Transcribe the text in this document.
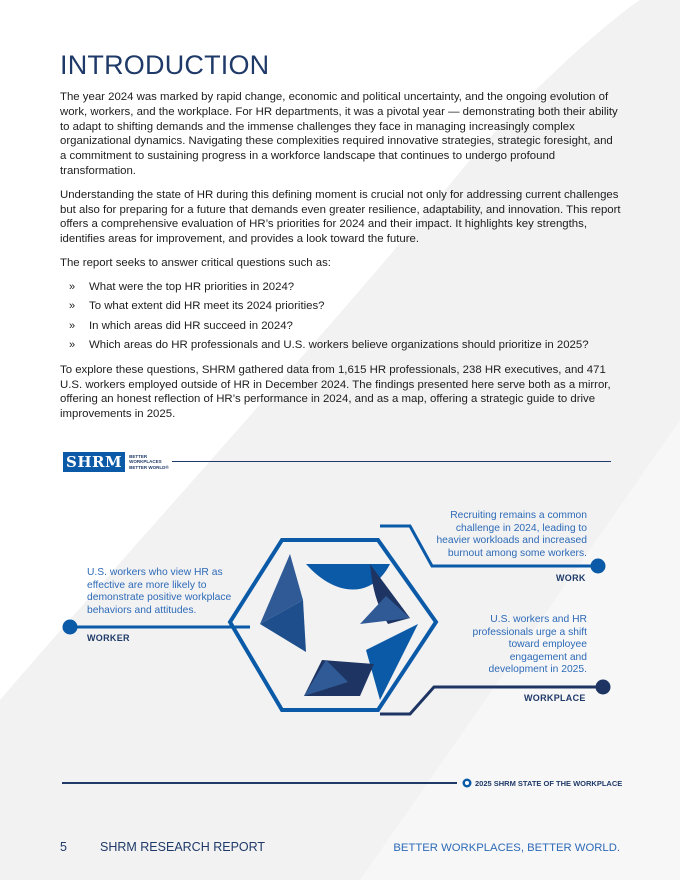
INTRODUCTION

The year 2024 was marked by rapid change, economic and political uncertainty, and the ongoing evolution of work, workers, and the workplace. For HR departments, it was a pivotal year — demonstrating both their ability to adapt to shifting demands and the immense challenges they face in managing increasingly complex organizational dynamics. Navigating these complexities required innovative strategies, strategic foresight, and a commitment to sustaining progress in a workforce landscape that continues to undergo profound transformation.

Understanding the state of HR during this defining moment is crucial not only for addressing current challenges but also for preparing for a future that demands even greater resilience, adaptability, and innovation. This report offers a comprehensive evaluation of HR’s priorities for 2024 and their impact. It highlights key strengths, identifies areas for improvement, and provides a look toward the future.

The report seeks to answer critical questions such as:

» What were the top HR priorities in 2024?
» To what extent did HR meet its 2024 priorities?
» In which areas did HR succeed in 2024?
» Which areas do HR professionals and U.S. workers believe organizations should prioritize in 2025?

To explore these questions, SHRM gathered data from 1,615 HR professionals, 238 HR executives, and 471 U.S. workers employed outside of HR in December 2024. The findings presented here serve both as a mirror, offering an honest reflection of HR’s performance in 2024, and as a map, offering a strategic guide to drive improvements in 2025.

SHRM	BETTER WORKPLACES
BETTER WORLD®
Recruiting remains a common challenge in 2024, leading to heavier workloads and increased burnout among some workers.
WORK
U.S. workers who view HR as effective are more likely to demonstrate positive workplace behaviors and attitudes.
WORKER
U.S. workers and HR professionals urge a shift toward employee engagement and development in 2025.
WORKPLACE
2025 SHRM STATE OF THE WORKPLACE
5	SHRM RESEARCH REPORT	BETTER WORKPLACES, BETTER WORLD.
